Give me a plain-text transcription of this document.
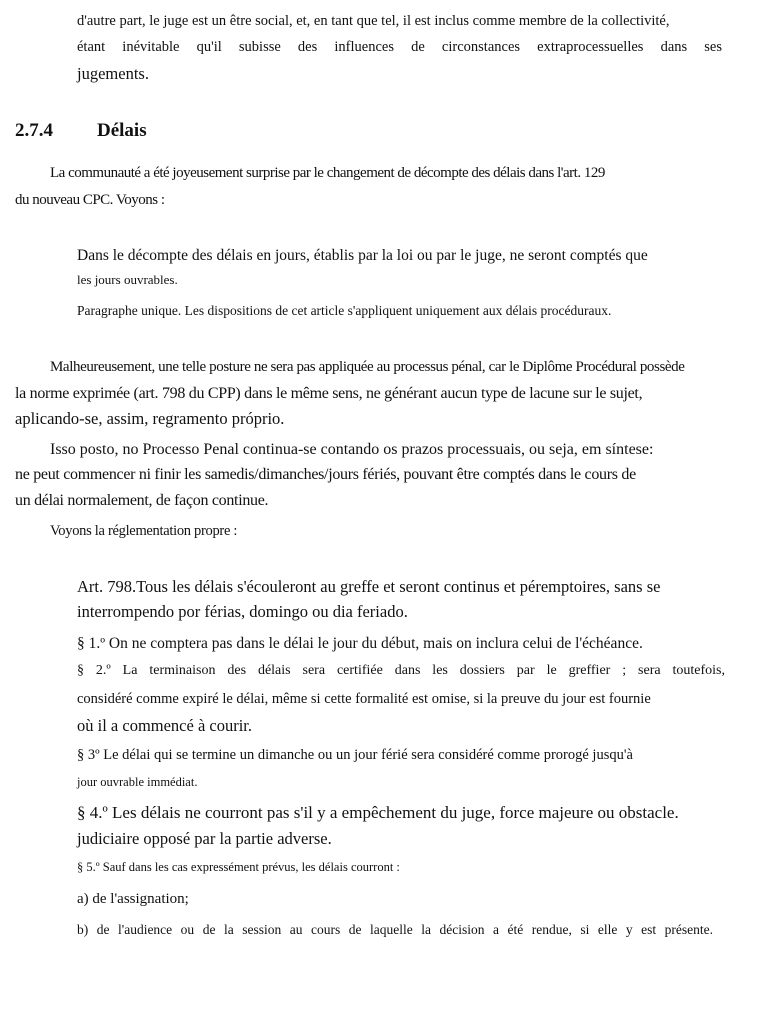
d'autre part, le juge est un être social, et, en tant que tel, il est inclus comme membre de la collectivité,
étant inévitable qu'il subisse des influences de circonstances extraprocessuelles dans ses
jugements.
2.7.4 Délais
La communauté a été joyeusement surprise par le changement de décompte des délais dans l'art. 129
du nouveau CPC. Voyons :
Dans le décompte des délais en jours, établis par la loi ou par le juge, ne seront comptés que
les jours ouvrables.
Paragraphe unique. Les dispositions de cet article s'appliquent uniquement aux délais procéduraux.
Malheureusement, une telle posture ne sera pas appliquée au processus pénal, car le Diplôme Procédural possède
la norme exprimée (art. 798 du CPP) dans le même sens, ne générant aucun type de lacune sur le sujet,
aplicando-se, assim, regramento próprio.
Isso posto, no Processo Penal continua-se contando os prazos processuais, ou seja, em síntese:
ne peut commencer ni finir les samedis/dimanches/jours fériés, pouvant être comptés dans le cours de
un délai normalement, de façon continue.
Voyons la réglementation propre :
Art. 798.Tous les délais s'écouleront au greffe et seront continus et péremptoires, sans se
interrompendo por férias, domingo ou dia feriado.
§ 1.º On ne comptera pas dans le délai le jour du début, mais on inclura celui de l'échéance.
§ 2.º La terminaison des délais sera certifiée dans les dossiers par le greffier ; sera toutefois,
considéré comme expiré le délai, même si cette formalité est omise, si la preuve du jour est fournie
où il a commencé à courir.
§ 3º Le délai qui se termine un dimanche ou un jour férié sera considéré comme prorogé jusqu'à
jour ouvrable immédiat.
§ 4.º Les délais ne courront pas s'il y a empêchement du juge, force majeure ou obstacle.
judiciaire opposé par la partie adverse.
§ 5.º Sauf dans les cas expressément prévus, les délais courront :
a) de l'assignation;
b) de l'audience ou de la session au cours de laquelle la décision a été rendue, si elle y est présente.
